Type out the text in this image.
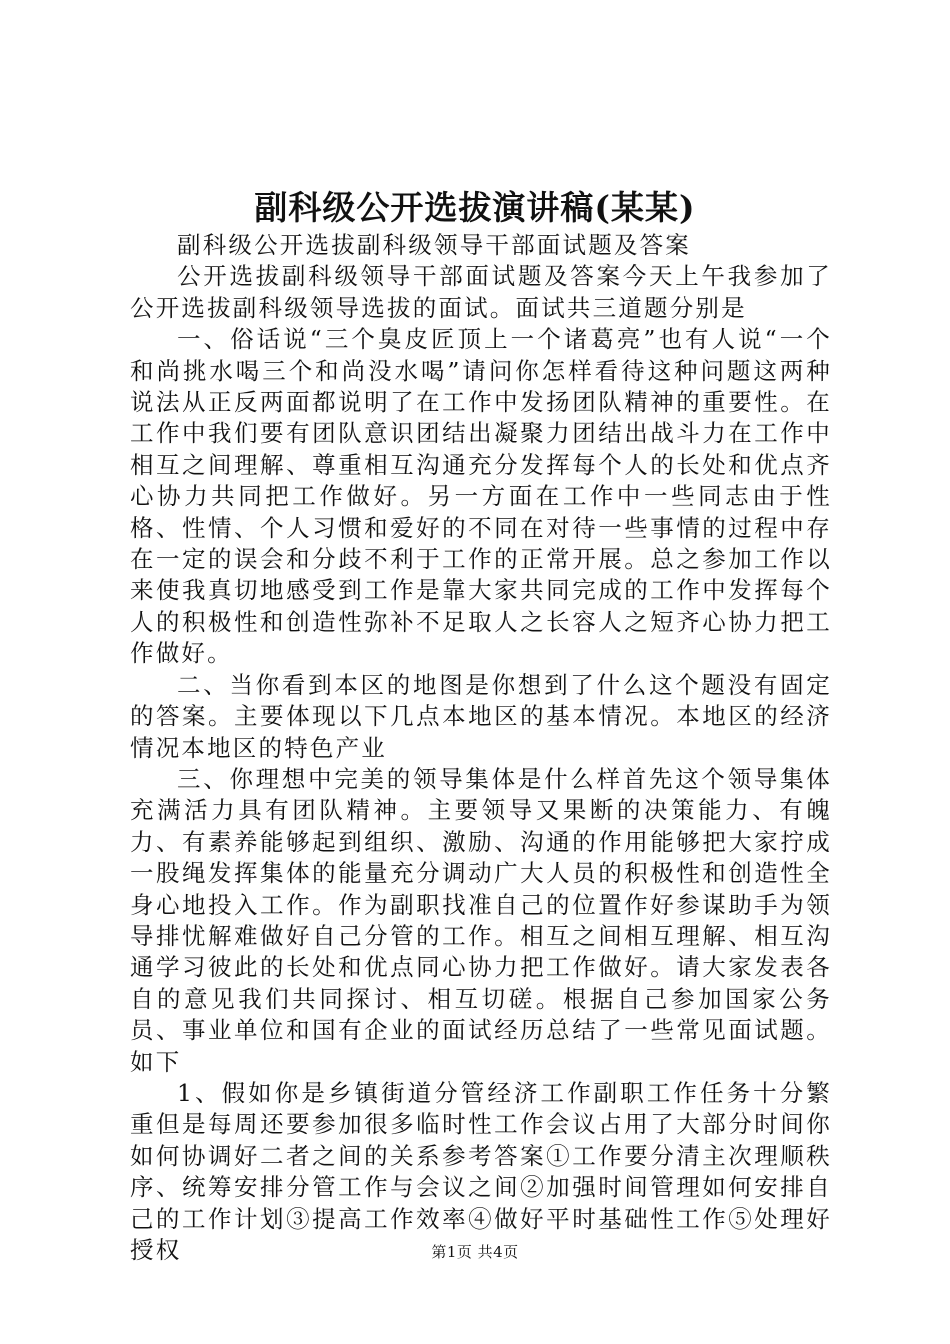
副科级公开选拔演讲稿(某某)

副科级公开选拔副科级领导干部面试题及答案

公开选拔副科级领导干部面试题及答案今天上午我参加了公开选拔副科级领导选拔的面试。面试共三道题分别是

一、俗话说“三个臭皮匠顶上一个诸葛亮”也有人说“一个和尚挑水喝三个和尚没水喝”请问你怎样看待这种问题这两种说法从正反两面都说明了在工作中发扬团队精神的重要性。在工作中我们要有团队意识团结出凝聚力团结出战斗力在工作中相互之间理解、尊重相互沟通充分发挥每个人的长处和优点齐心协力共同把工作做好。另一方面在工作中一些同志由于性格、性情、个人习惯和爱好的不同在对待一些事情的过程中存在一定的误会和分歧不利于工作的正常开展。总之参加工作以来使我真切地感受到工作是靠大家共同完成的工作中发挥每个人的积极性和创造性弥补不足取人之长容人之短齐心协力把工作做好。

二、当你看到本区的地图是你想到了什么这个题没有固定的答案。主要体现以下几点本地区的基本情况。本地区的经济情况本地区的特色产业

三、你理想中完美的领导集体是什么样首先这个领导集体充满活力具有团队精神。主要领导又果断的决策能力、有魄力、有素养能够起到组织、激励、沟通的作用能够把大家拧成一股绳发挥集体的能量充分调动广大人员的积极性和创造性全身心地投入工作。作为副职找准自己的位置作好参谋助手为领导排忧解难做好自己分管的工作。相互之间相互理解、相互沟通学习彼此的长处和优点同心协力把工作做好。请大家发表各自的意见我们共同探讨、相互切磋。根据自己参加国家公务员、事业单位和国有企业的面试经历总结了一些常见面试题。如下

1、假如你是乡镇街道分管经济工作副职工作任务十分繁重但是每周还要参加很多临时性工作会议占用了大部分时间你如何协调好二者之间的关系参考答案①工作要分清主次理顺秩序、统筹安排分管工作与会议之间②加强时间管理如何安排自己的工作计划③提高工作效率④做好平时基础性工作⑤处理好授权	第1页 共4页
